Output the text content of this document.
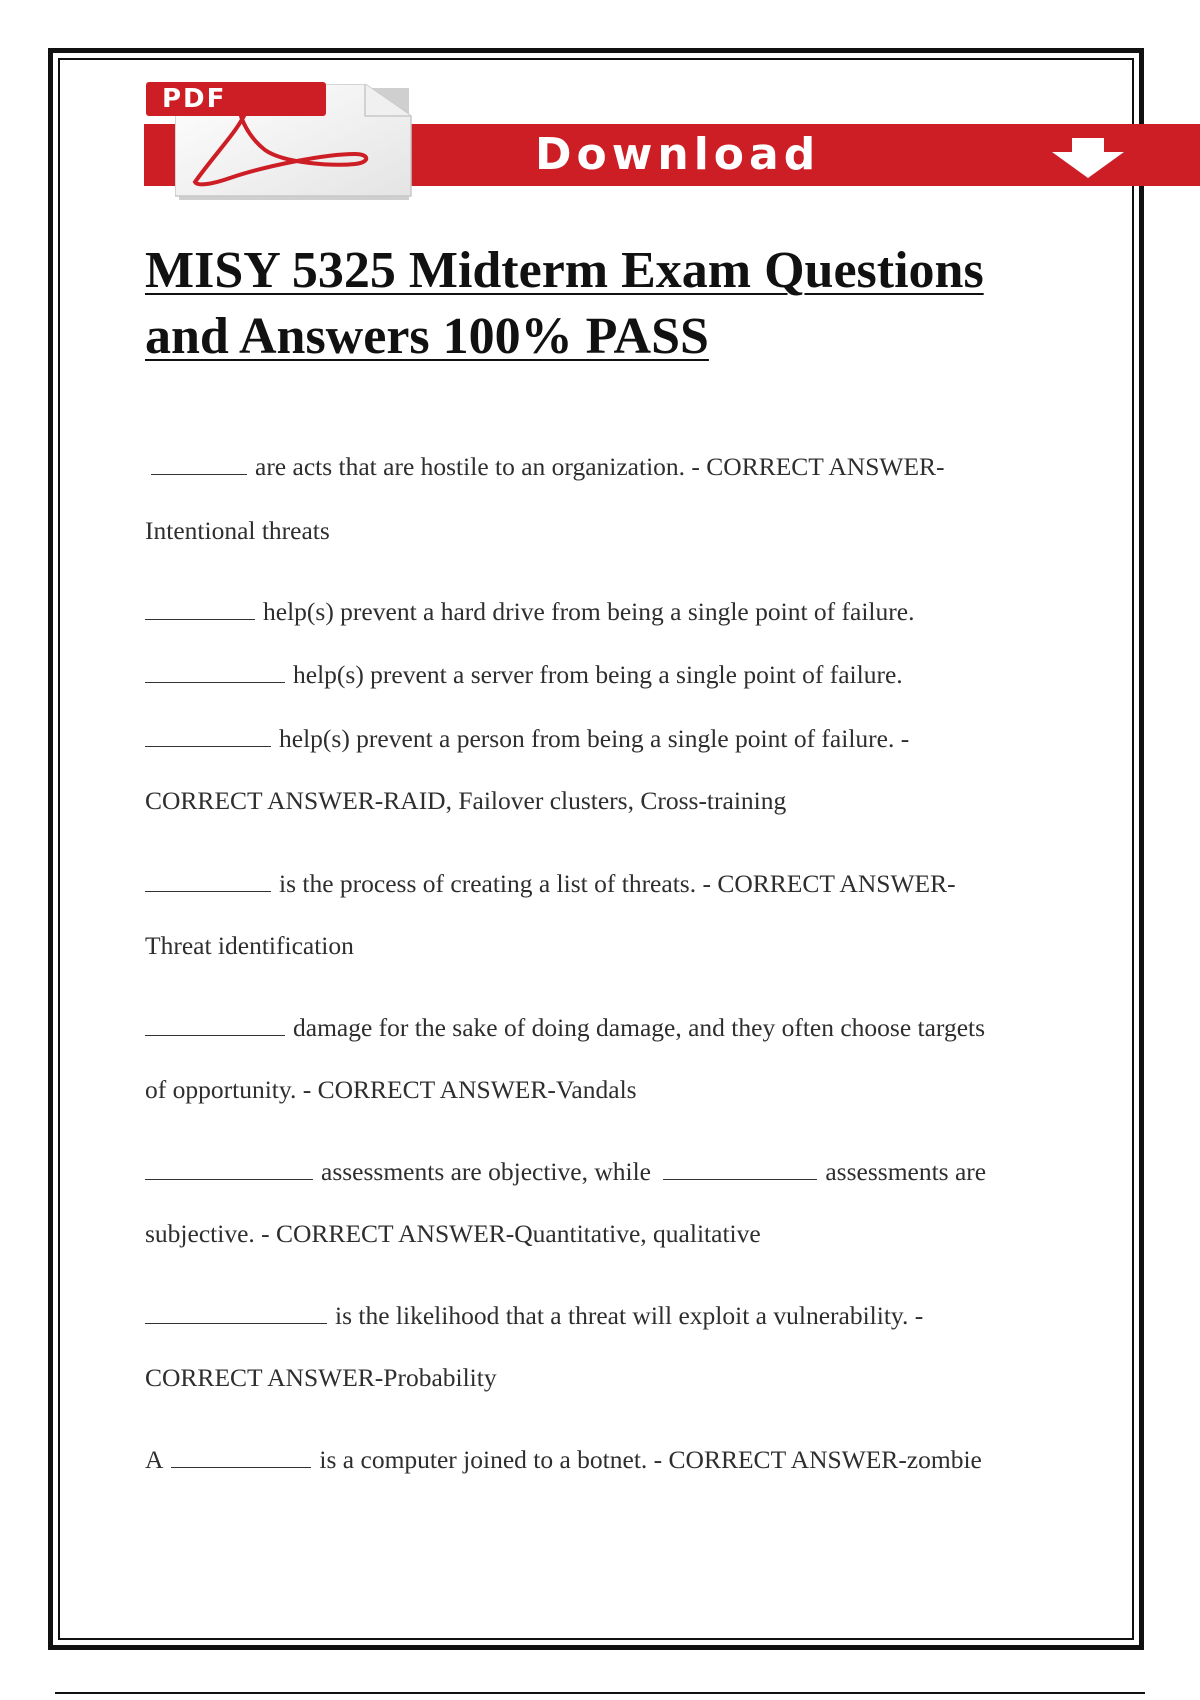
Download
PDF
MISY 5325 Midterm Exam Questions
and Answers 100% PASS

are acts that are hostile to an organization. - CORRECT ANSWER-

Intentional threats

help(s) prevent a hard drive from being a single point of failure.

help(s) prevent a server from being a single point of failure.

help(s) prevent a person from being a single point of failure. -

CORRECT ANSWER-RAID, Failover clusters, Cross-training

is the process of creating a list of threats. - CORRECT ANSWER-

Threat identification

damage for the sake of doing damage, and they often choose targets

of opportunity. - CORRECT ANSWER-Vandals

assessments are objective, while	assessments are

subjective. - CORRECT ANSWER-Quantitative, qualitative

is the likelihood that a threat will exploit a vulnerability. -

CORRECT ANSWER-Probability

A	is a computer joined to a botnet. - CORRECT ANSWER-zombie
